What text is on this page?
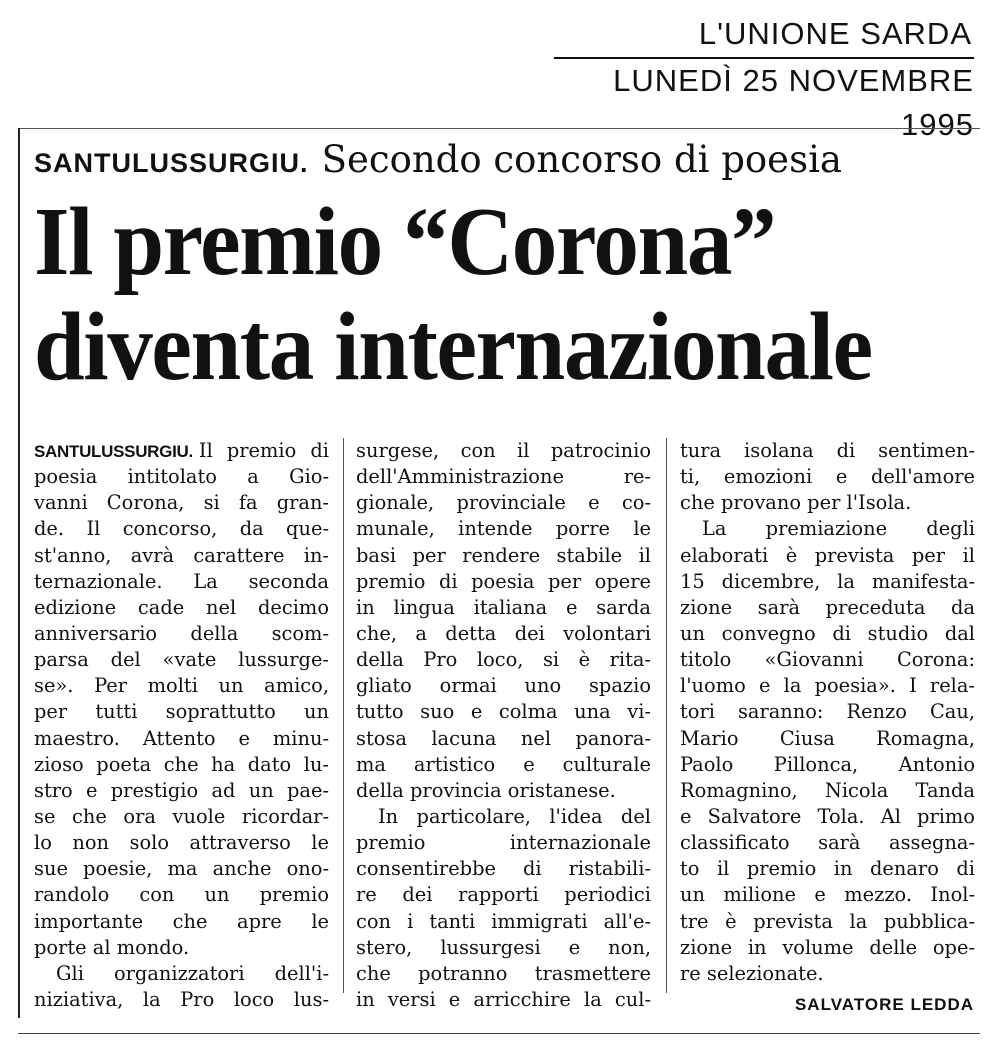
L'UNIONE SARDA
LUNEDÌ 25 NOVEMBRE 1995
SANTULUSSURGIU. Secondo concorso di poesia
Il premio “Corona”
diventa internazionale
SANTULUSSURGIU. Il premio di
poesia intitolato a Gio-
vanni Corona, si fa gran-
de. Il concorso, da que-
st'anno, avrà carattere in-
ternazionale. La seconda
edizione cade nel decimo
anniversario della scom-
parsa del «vate lussurge-
se». Per molti un amico,
per tutti soprattutto un
maestro. Attento e minu-
zioso poeta che ha dato lu-
stro e prestigio ad un pae-
se che ora vuole ricordar-
lo non solo attraverso le
sue poesie, ma anche ono-
randolo con un premio
importante che apre le
porte al mondo.
Gli organizzatori dell'i-
niziativa, la Pro loco lus-
surgese, con il patrocinio
dell'Amministrazione re-
gionale, provinciale e co-
munale, intende porre le
basi per rendere stabile il
premio di poesia per opere
in lingua italiana e sarda
che, a detta dei volontari
della Pro loco, si è rita-
gliato ormai uno spazio
tutto suo e colma una vi-
stosa lacuna nel panora-
ma artistico e culturale
della provincia oristanese.
In particolare, l'idea del
premio internazionale
consentirebbe di ristabili-
re dei rapporti periodici
con i tanti immigrati all'e-
stero, lussurgesi e non,
che potranno trasmettere
in versi e arricchire la cul-
tura isolana di sentimen-
ti, emozioni e dell'amore
che provano per l'Isola.
La premiazione degli
elaborati è prevista per il
15 dicembre, la manifesta-
zione sarà preceduta da
un convegno di studio dal
titolo «Giovanni Corona:
l'uomo e la poesia». I rela-
tori saranno: Renzo Cau,
Mario Ciusa Romagna,
Paolo Pillonca, Antonio
Romagnino, Nicola Tanda
e Salvatore Tola. Al primo
classificato sarà assegna-
to il premio in denaro di
un milione e mezzo. Inol-
tre è prevista la pubblica-
zione in volume delle ope-
re selezionate.
SALVATORE LEDDA
